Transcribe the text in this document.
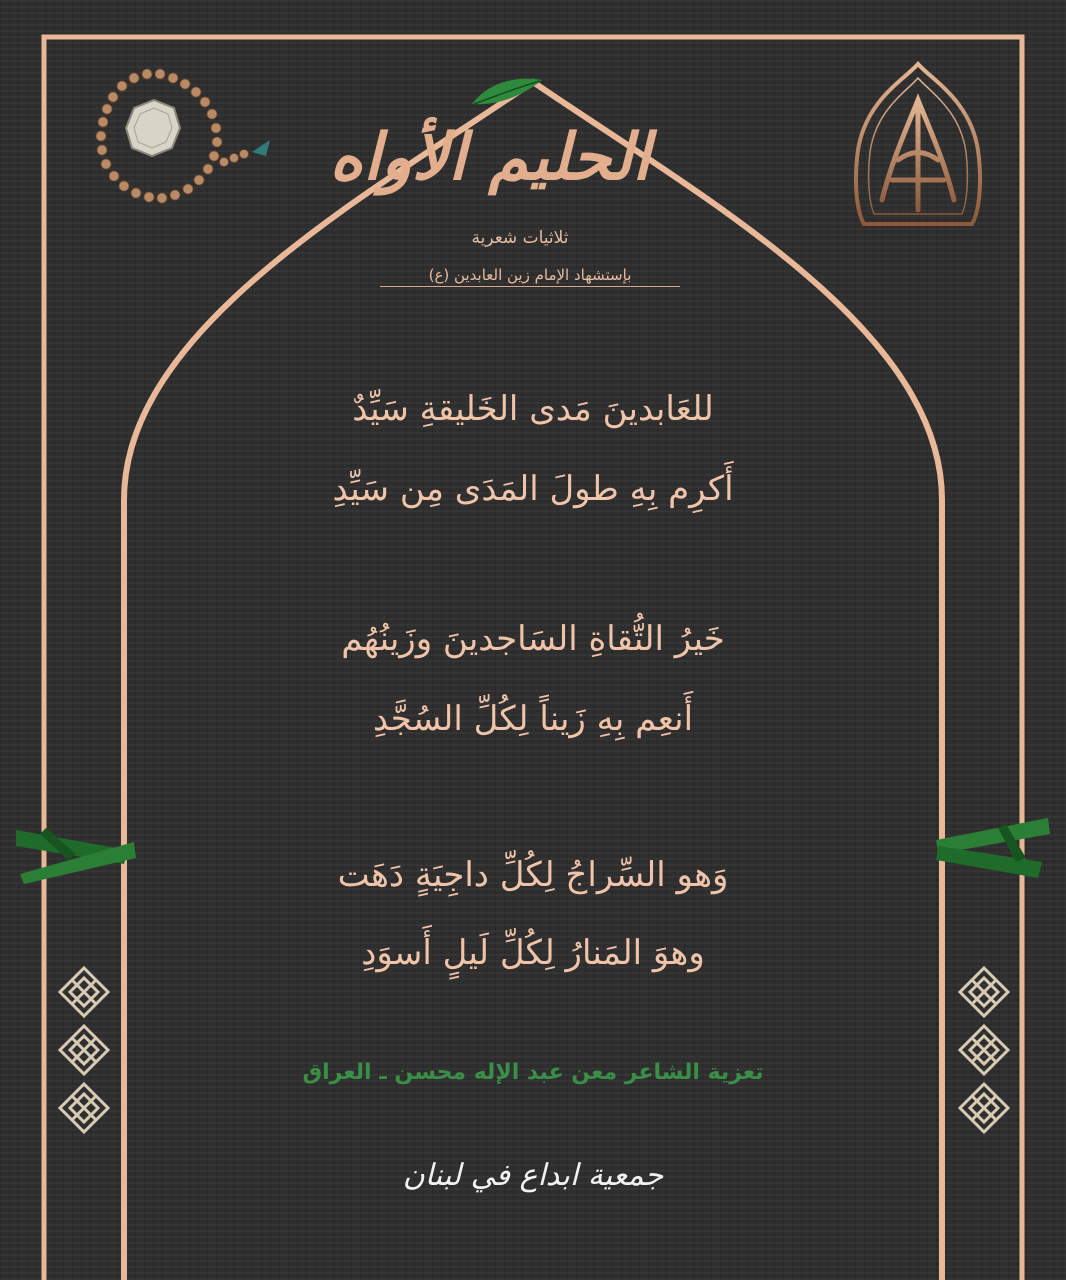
الحليم الأواه
ثلاثيات شعرية
بإستشهاد الإمام زين العابدين (ع)
للعَابدينَ مَدى الخَليقةِ سَيِّدٌ
أَكرِم بِهِ طولَ المَدَى مِن سَيِّدِ
خَيرُ التُّقاةِ السَاجدينَ وزَينُهُم
أَنعِم بِهِ زَيناً لِكُلِّ السُجَّدِ
وَهو السِّراجُ لِكُلِّ داجِيَةٍ دَهَت
وهوَ المَنارُ لِكُلِّ لَيلٍ أَسوَدِ
تعزية الشاعر معن عبد الإله محسن ـ العراق
جمعية ابداع في لبنان
